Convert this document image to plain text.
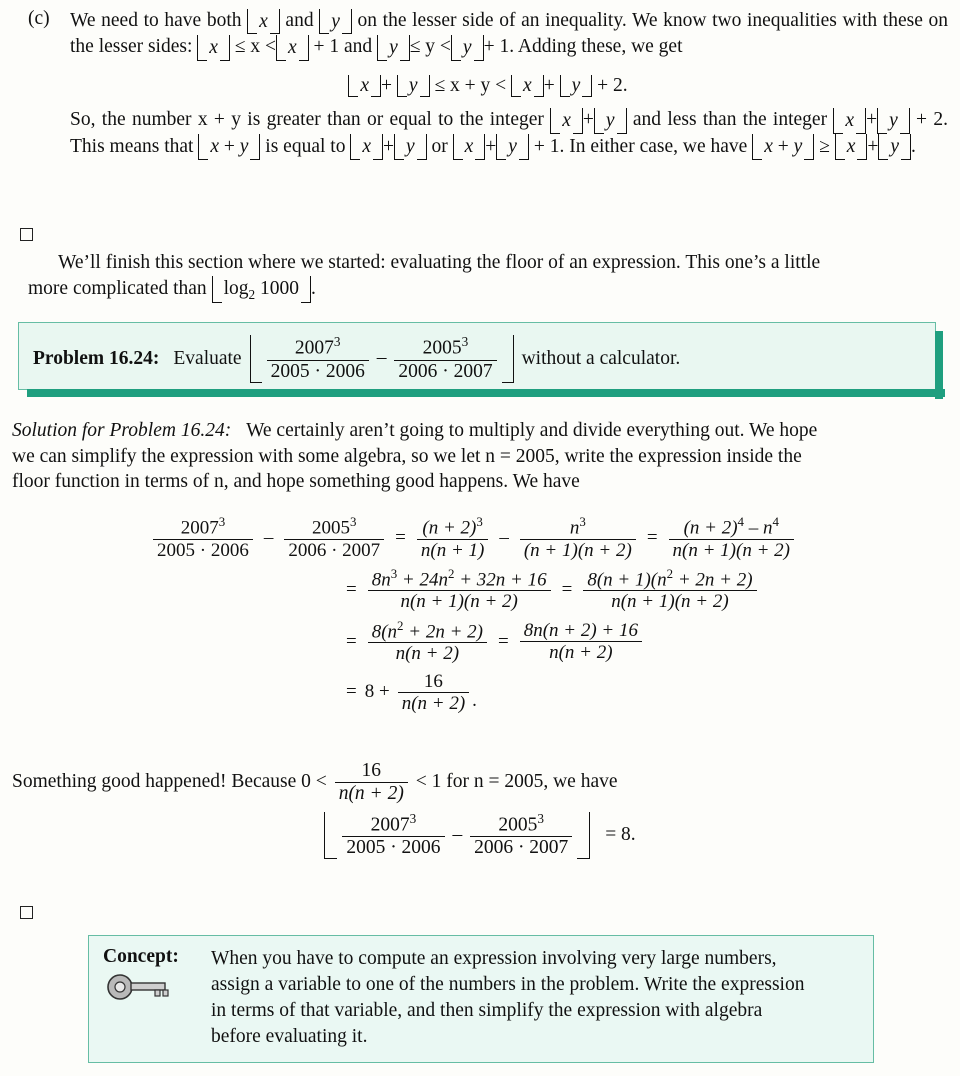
(c)	We need to have both x and y on the lesser side of an inequality. We know two inequalities with these on the lesser sides: x ≤ x < x + 1 and y ≤ y < y + 1. Adding these, we get
x + y ≤ x + y < x + y + 2.
So, the number x + y is greater than or equal to the integer x + y and less than the integer x + y + 2. This means that x + y is equal to x + y or x + y + 1. In either case, we have x + y ≥ x + y .
We’ll finish this section where we started: evaluating the floor of an expression. This one’s a little
more complicated than $\log_2 1000$ .
Problem 16.24: Evaluate $\frac{2007^3}{2005 \cdot 2006} - \frac{2005^3}{2006 \cdot 2007}$ without a calculator.
Solution for Problem 16.24: We certainly aren’t going to multiply and divide everything out. We hope
we can simplify the expression with some algebra, so we let n = 2005, write the expression inside the
floor function in terms of n, and hope something good happens. We have
$\frac{2007^3}{2005 \cdot 2006} - \frac{2005^3}{2006 \cdot 2007} = \frac{(n + 2)^3}{n(n + 1)} - \frac{n^3}{(n + 1)(n + 2)} = \frac{(n + 2)^4 - n^4}{n(n + 1)(n + 2)}$
= $\frac{8n^3 + 24n^2 + 32n + 16}{n(n + 1)(n + 2)} = \frac{8(n + 1)(n^2 + 2n + 2)}{n(n + 1)(n + 2)}$
= $\frac{8(n^2 + 2n + 2)}{n(n + 2)} = \frac{8n(n + 2) + 16}{n(n + 2)}$
= $8 + \frac{16}{n(n + 2)}$ .
Something good happened! Because $0 < \frac{16}{n(n + 2)} < 1$ for n = 2005, we have
$\frac{2007^3}{2005 \cdot 2006} - \frac{2005^3}{2006 \cdot 2007} = 8$.
Concept:	When you have to compute an expression involving very large numbers,
assign a variable to one of the numbers in the problem. Write the expression
in terms of that variable, and then simplify the expression with algebra
before evaluating it.
